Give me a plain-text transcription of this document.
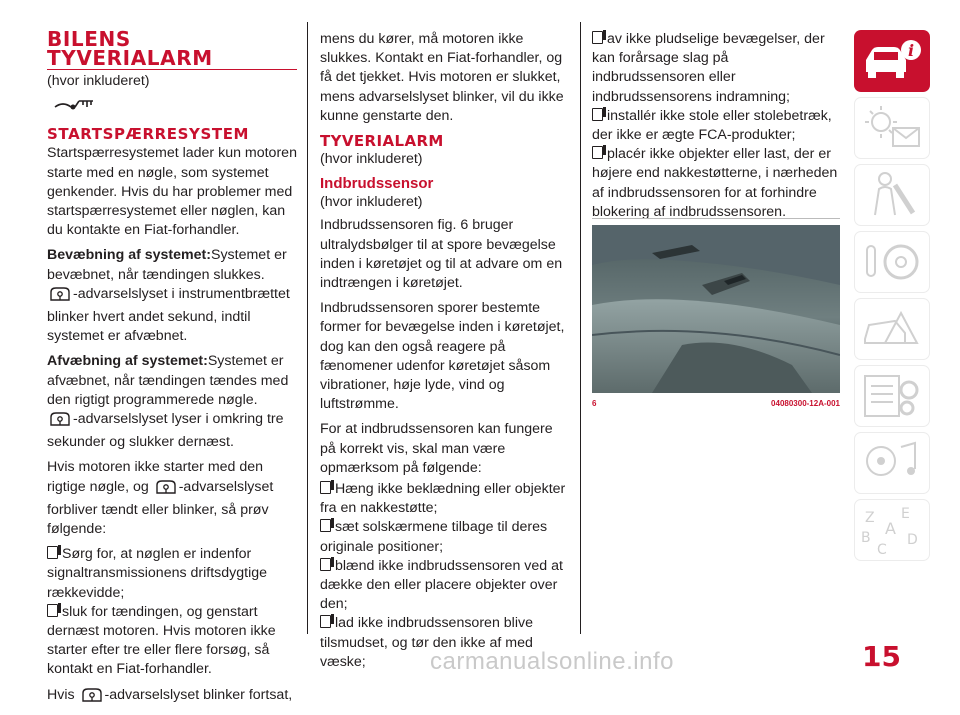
BILENS TYVERIALARM
(hvor inkluderet)
STARTSPÆRRESYSTEM

Startspærresystemet lader kun motoren starte med en nøgle, som systemet genkender. Hvis du har problemer med startspærresystemet eller nøglen, kan du kontakte en Fiat-forhandler.

Bevæbning af systemet:Systemet er bevæbnet, når tændingen slukkes.
-advarselslyset i instrumentbrættet blinker hvert andet sekund, indtil systemet er afvæbnet.

Afvæbning af systemet:Systemet er afvæbnet, når tændingen tændes med den rigtigt programmerede nøgle.
-advarselslyset lyser i omkring tre sekunder og slukker dernæst.

Hvis motoren ikke starter med den rigtige nøgle, og -advarselslyset forbliver tændt eller blinker, så prøv følgende:

Sørg for, at nøglen er indenfor signaltransmissionens driftsdygtige rækkevidde;
sluk for tændingen, og genstart dernæst motoren. Hvis motoren ikke starter efter tre eller flere forsøg, så kontakt en Fiat-forhandler.

Hvis -advarselslyset blinker fortsat,

mens du kører, må motoren ikke slukkes. Kontakt en Fiat-forhandler, og få det tjekket. Hvis motoren er slukket, mens advarselslyset blinker, vil du ikke kunne genstarte den.

TYVERIALARM
(hvor inkluderet)
Indbrudssensor
(hvor inkluderet)

Indbrudssensoren fig. 6 bruger ultralydsbølger til at spore bevægelse inden i køretøjet og til at advare om en indtrængen i køretøjet.

Indbrudssensoren sporer bestemte former for bevægelse inden i køretøjet, dog kan den også reagere på fænomener udenfor køretøjet såsom vibrationer, høje lyde, vind og luftstrømme.

For at indbrudssensoren kan fungere på korrekt vis, skal man være opmærksom på følgende:

Hæng ikke beklædning eller objekter fra en nakkestøtte;
sæt solskærmene tilbage til deres originale positioner;
blænd ikke indbrudssensoren ved at dække den eller placere objekter over den;
lad ikke indbrudssensoren blive tilsmudset, og tør den ikke af med væske;
av ikke pludselige bevægelser, der kan forårsage slag på indbrudssensoren eller indbrudssensorens indramning;
installér ikke stole eller stolebetræk, der ikke er ægte FCA-produkter;
placér ikke objekter eller last, der er højere end nakkestøtterne, i nærheden af indbrudssensoren for at forhindre blokering af indbrudssensoren.
6	04080300-12A-001
i
Z E
A
B	D
C
carmanualsonline.info	15
